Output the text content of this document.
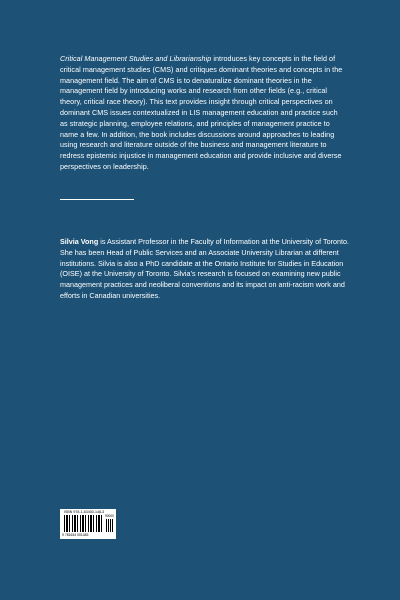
Critical Management Studies and Librarianship introduces key concepts in the field of critical management studies (CMS) and critiques dominant theories and concepts in the management field. The aim of CMS is to denaturalize dominant theories in the management field by introducing works and research from other fields (e.g., critical theory, critical race theory). This text provides insight through critical perspectives on dominant CMS issues contextualized in LIS management education and practice such as strategic planning, employee relations, and principles of management practice to name a few. In addition, the book includes discussions around approaches to leading using research and literature outside of the business and management literature to redress epistemic injustice in management education and provide inclusive and diverse perspectives on leadership.

Silvia Vong is Assistant Professor in the Faculty of Information at the University of Toronto. She has been Head of Public Services and an Associate University Librarian at different institutions. Silvia is also a PhD candidate at the Ontario Institute for Studies in Education (OISE) at the University of Toronto. Silvia’s research is focused on examining new public management practices and neoliberal conventions and its impact on anti-racism work and efforts in Canadian universities.

ISBN 978-1-63400-148-3
90000
9 781634 001483
